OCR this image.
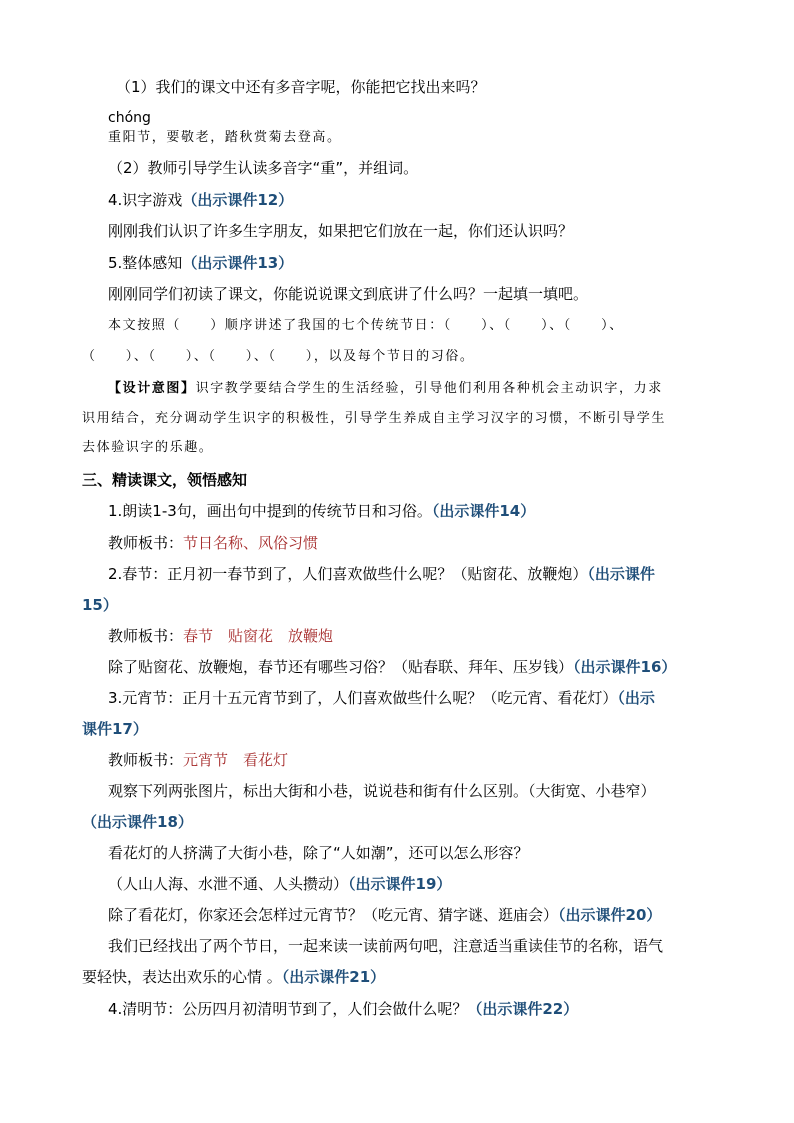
（1）我们的课文中还有多音字呢，你能把它找出来吗？
chóng
重阳节，要敬老，踏秋赏菊去登高。
（2）教师引导学生认读多音字“重”，并组词。
4.识字游戏（出示课件12）
刚刚我们认识了许多生字朋友，如果把它们放在一起，你们还认识吗？
5.整体感知（出示课件13）
刚刚同学们初读了课文，你能说说课文到底讲了什么吗？一起填一填吧。
本文按照（　　）顺序讲述了我国的七个传统节日：（　　）、（　　）、（　　）、
（　　）、（　　）、（　　）、（　　），以及每个节日的习俗。
【设计意图】识字教学要结合学生的生活经验，引导他们利用各种机会主动识字，力求
识用结合，充分调动学生识字的积极性，引导学生养成自主学习汉字的习惯，不断引导学生
去体验识字的乐趣。
三、精读课文，领悟感知
1.朗读1-3句，画出句中提到的传统节日和习俗。（出示课件14）
教师板书：节日名称、风俗习惯
2.春节：正月初一春节到了，人们喜欢做些什么呢？（贴窗花、放鞭炮）（出示课件
15）
教师板书：春节　贴窗花　放鞭炮
除了贴窗花、放鞭炮，春节还有哪些习俗？（贴春联、拜年、压岁钱）（出示课件16）
3.元宵节：正月十五元宵节到了，人们喜欢做些什么呢？（吃元宵、看花灯）（出示
课件17）
教师板书：元宵节　看花灯
观察下列两张图片，标出大街和小巷，说说巷和街有什么区别。（大街宽、小巷窄）
（出示课件18）
看花灯的人挤满了大街小巷，除了“人如潮”，还可以怎么形容？
（人山人海、水泄不通、人头攒动）（出示课件19）
除了看花灯，你家还会怎样过元宵节？（吃元宵、猜字谜、逛庙会）（出示课件20）
我们已经找出了两个节日，一起来读一读前两句吧，注意适当重读佳节的名称，语气
要轻快，表达出欢乐的心情 。（出示课件21）
4.清明节：公历四月初清明节到了，人们会做什么呢？（出示课件22）
